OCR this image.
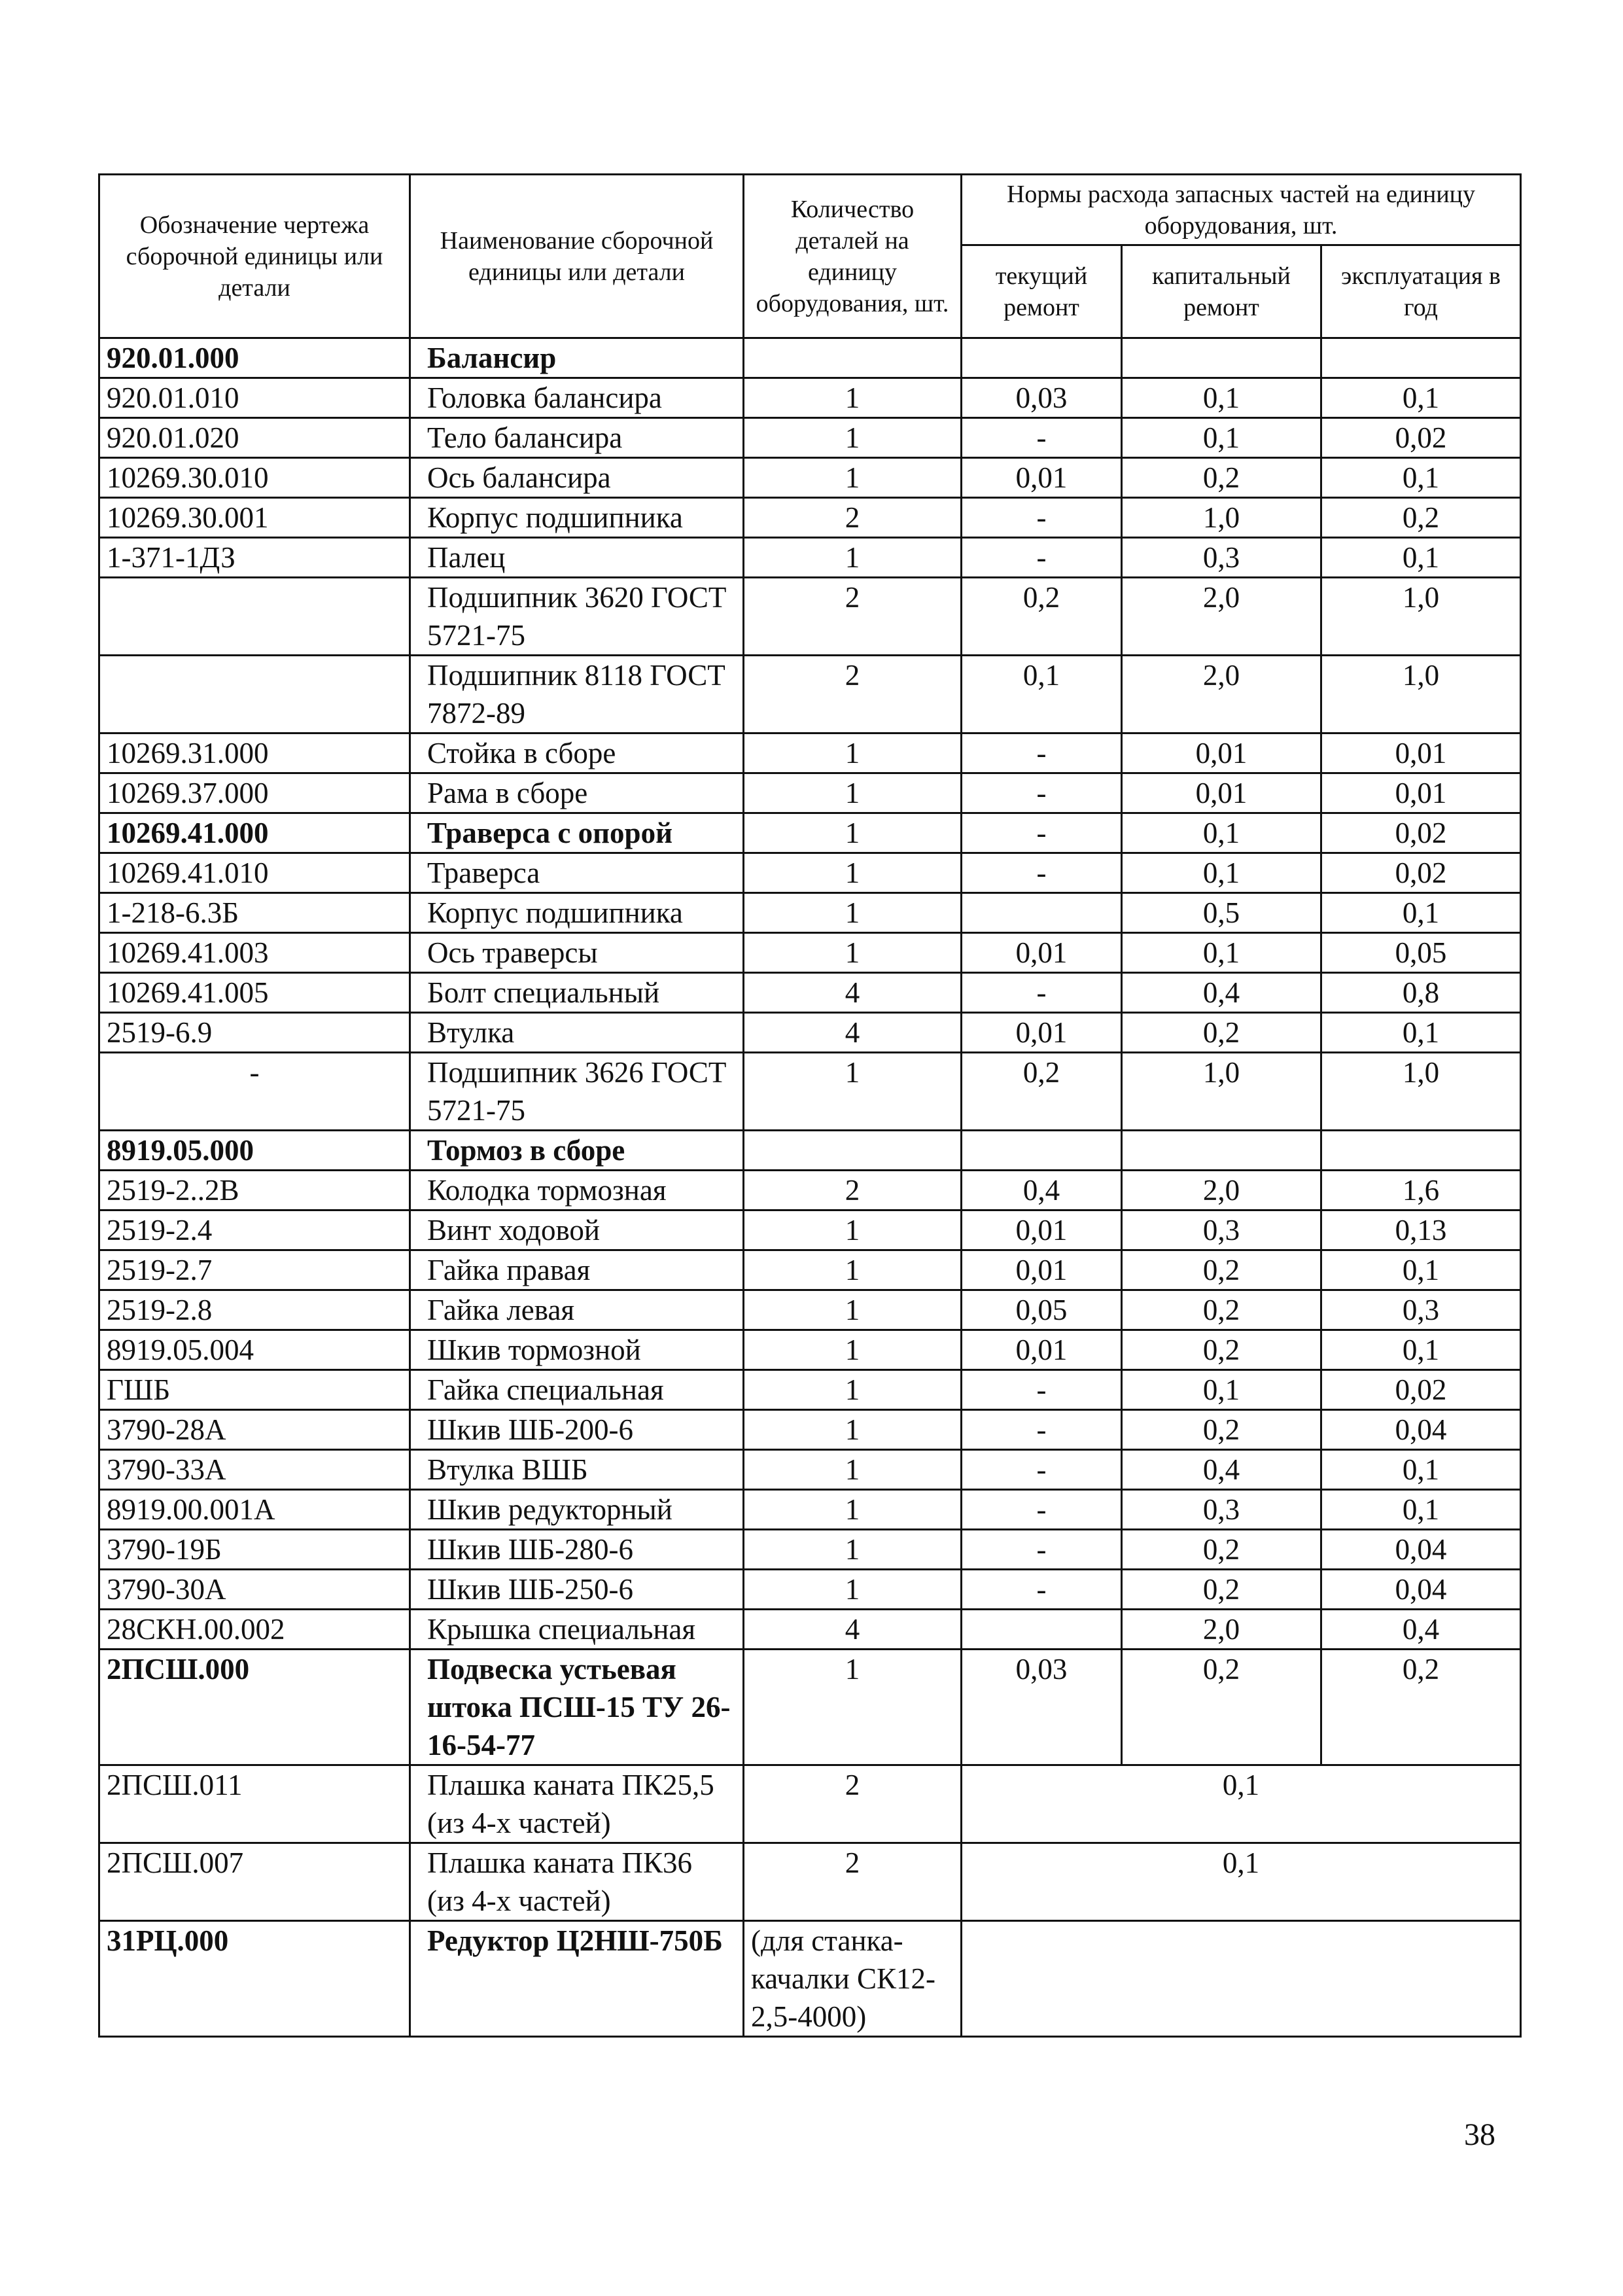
Обозначение чертежа сборочной единицы или детали	Наименование сборочной единицы или детали	Количество деталей на единицу оборудования, шт.	Нормы расхода запасных частей на единицу оборудования, шт.		
			текущий ремонт	капитальный ремонт	эксплуатация в год
920.01.000	Балансир				
920.01.010	Головка балансира	1	0,03	0,1	0,1
920.01.020	Тело балансира	1	-	0,1	0,02
10269.30.010	Ось балансира	1	0,01	0,2	0,1
10269.30.001	Корпус подшипника	2	-	1,0	0,2
1-371-1ДЗ	Палец	1	-	0,3	0,1
	Подшипник 3620 ГОСТ 5721-75	2	0,2	2,0	1,0
	Подшипник 8118 ГОСТ 7872-89	2	0,1	2,0	1,0
10269.31.000	Стойка в сборе	1	-	0,01	0,01
10269.37.000	Рама в сборе	1	-	0,01	0,01
10269.41.000	Траверса с опорой	1	-	0,1	0,02
10269.41.010	Траверса	1	-	0,1	0,02
1-218-6.3Б	Корпус подшипника	1		0,5	0,1
10269.41.003	Ось траверсы	1	0,01	0,1	0,05
10269.41.005	Болт специальный	4	-	0,4	0,8
2519-6.9	Втулка	4	0,01	0,2	0,1
-	Подшипник 3626 ГОСТ 5721-75	1	0,2	1,0	1,0
8919.05.000	Тормоз в сборе				
2519-2..2В	Колодка тормозная	2	0,4	2,0	1,6
2519-2.4	Винт ходовой	1	0,01	0,3	0,13
2519-2.7	Гайка правая	1	0,01	0,2	0,1
2519-2.8	Гайка левая	1	0,05	0,2	0,3
8919.05.004	Шкив тормозной	1	0,01	0,2	0,1
ГШБ	Гайка специальная	1	-	0,1	0,02
3790-28А	Шкив ШБ-200-6	1	-	0,2	0,04
3790-33А	Втулка ВШБ	1	-	0,4	0,1
8919.00.001А	Шкив редукторный	1	-	0,3	0,1
3790-19Б	Шкив ШБ-280-6	1	-	0,2	0,04
3790-30А	Шкив ШБ-250-6	1	-	0,2	0,04
28СКН.00.002	Крышка специальная	4		2,0	0,4
2ПСШ.000	Подвеска устьевая штока ПСШ-15 ТУ 26-16-54-77	1	0,03	0,2	0,2
2ПСШ.011	Плашка каната ПК25,5 (из 4-х частей)	2	0,1		
2ПСШ.007	Плашка каната ПК36 (из 4-х частей)	2	0,1		
31РЦ.000	Редуктор Ц2НШ-750Б	(для станка-качалки СК12-2,5-4000)			
38
